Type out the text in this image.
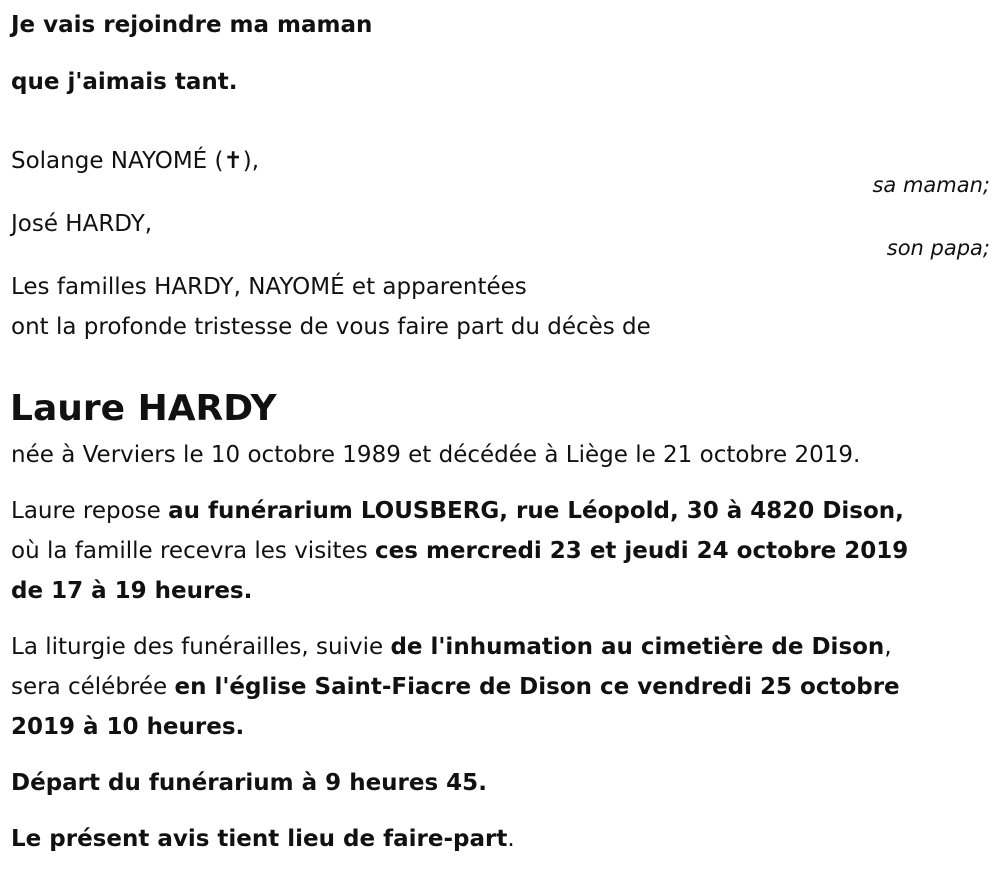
Je vais rejoindre ma maman
que j'aimais tant.
Solange NAYOMÉ (✝),
sa maman;
José HARDY,
son papa;
Les familles HARDY, NAYOMÉ et apparentées
ont la profonde tristesse de vous faire part du décès de
Laure HARDY
née à Verviers le 10 octobre 1989 et décédée à Liège le 21 octobre 2019.
Laure repose au funérarium LOUSBERG, rue Léopold, 30 à 4820 Dison,
où la famille recevra les visites ces mercredi 23 et jeudi 24 octobre 2019
de 17 à 19 heures.
La liturgie des funérailles, suivie de l'inhumation au cimetière de Dison,
sera célébrée en l'église Saint-Fiacre de Dison ce vendredi 25 octobre
2019 à 10 heures.
Départ du funérarium à 9 heures 45.
Le présent avis tient lieu de faire-part.
